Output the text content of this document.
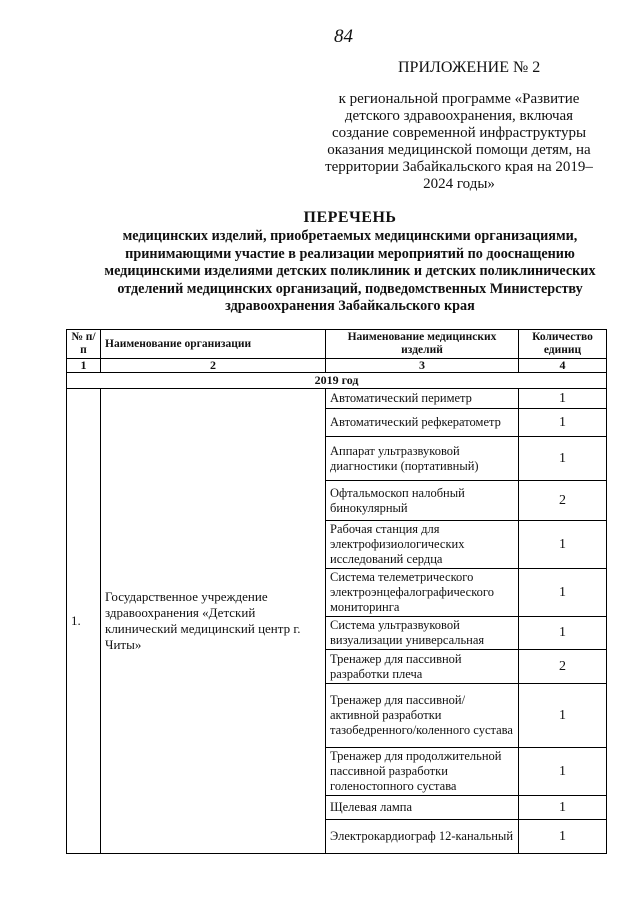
84
ПРИЛОЖЕНИЕ № 2
к региональной программе «Развитие детского здравоохранения, включая создание современной инфраструктуры оказания медицинской помощи детям, на территории Забайкальского края на 2019–2024 годы»
ПЕРЕЧЕНЬ
медицинских изделий, приобретаемых медицинскими организациями, принимающими участие в реализации мероприятий по дооснащению медицинскими изделиями детских поликлиник и детских поликлинических отделений медицинских организаций, подведомственных Министерству здравоохранения Забайкальского края
№ п/п	Наименование организации	Наименование медицинских изделий	Количество единиц
1	2	3	4
2019 год			
1.	Государственное учреждение здравоохранения «Детский клинический медицинский центр г. Читы»	Автоматический периметр	1
		Автоматический рефкератометр	1
		Аппарат ультразвуковой диагностики (портативный)	1
		Офтальмоскоп налобный бинокулярный	2
		Рабочая станция для электрофизиологических исследований сердца	1
		Система телеметрического электроэнцефалографического мониторинга	1
		Система ультразвуковой визуализации универсальная	1
		Тренажер для пассивной разработки плеча	2
		Тренажер для пассивной/активной разработки тазобедренного/коленного сустава	1
		Тренажер для продолжительной пассивной разработки голеностопного сустава	1
		Щелевая лампа	1
		Электрокардиограф 12-канальный	1
